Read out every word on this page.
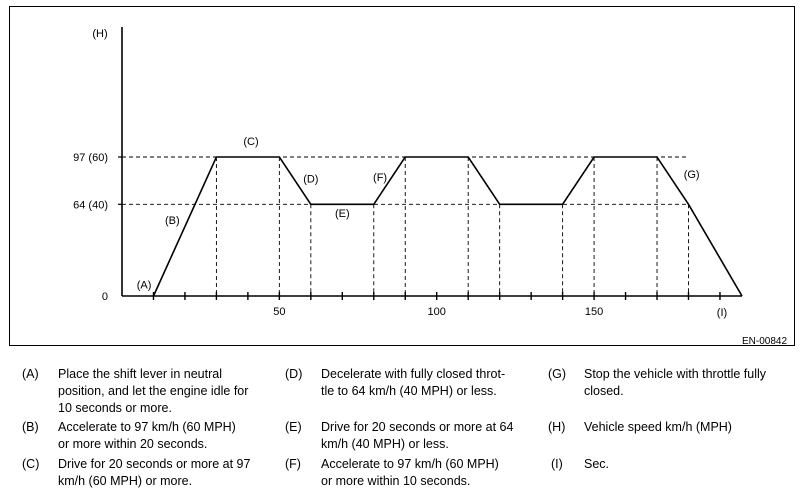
50	100	150
0
64 (40)
97 (60)
(H)
(I)
(A)
(B)
(C)
(D)
(E)
(F)	(G)
EN-00842
(A) Place the shift lever in neutral
position, and let the engine idle for
10 seconds or more.
(B) Accelerate to 97 km/h (60 MPH)
or more within 20 seconds.
(C) Drive for 20 seconds or more at 97
km/h (60 MPH) or more.
(D) Decelerate with fully closed throt-
tle to 64 km/h (40 MPH) or less.
(E) Drive for 20 seconds or more at 64
km/h (40 MPH) or less.
(F) Accelerate to 97 km/h (60 MPH)
or more within 10 seconds.
(G) Stop the vehicle with throttle fully
closed.
(H) Vehicle speed km/h (MPH)
(I) Sec.
